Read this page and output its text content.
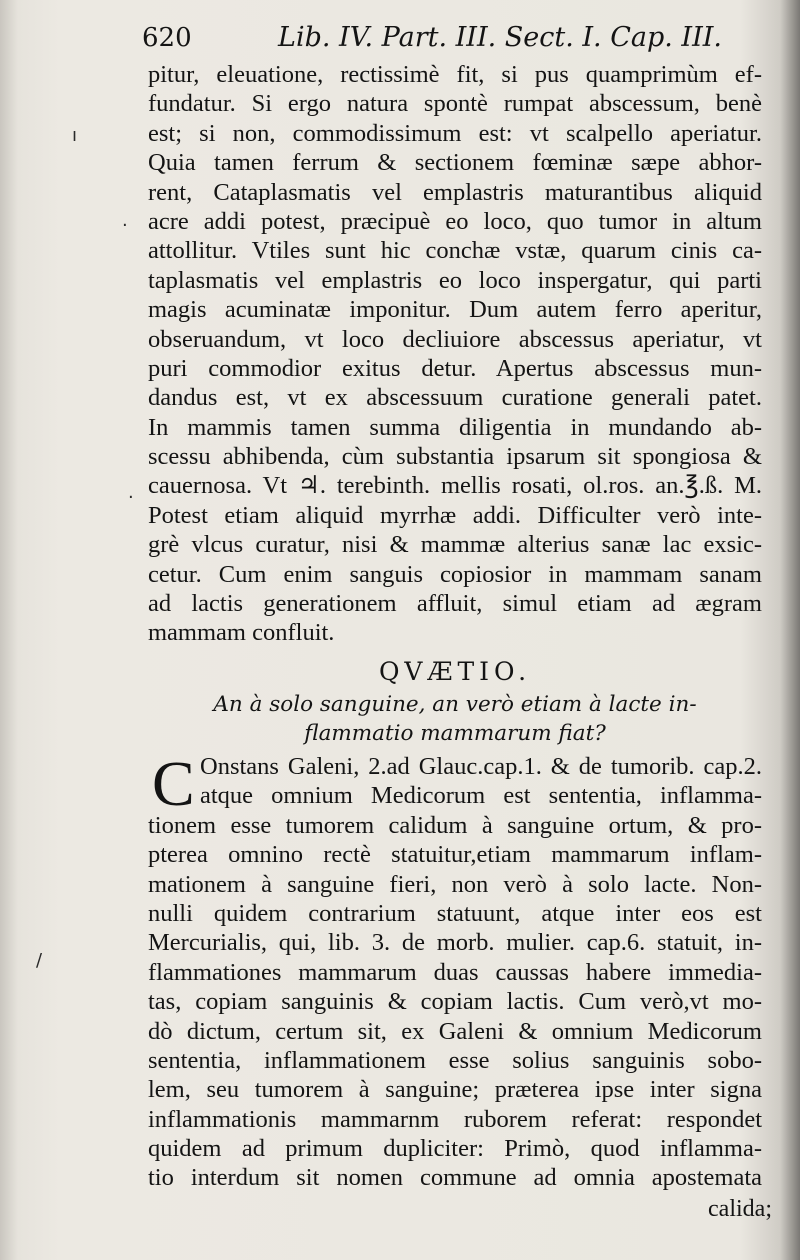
620	Lib. IV. Part. III. Sect. I. Cap. III.
pitur, eleuatione, rectissimè fit, si pus quamprimùm ef-
fundatur. Si ergo natura spontè rumpat abscessum, benè
est; si non, commodissimum est: vt scalpello aperiatur.
Quia tamen ferrum & sectionem fœminæ sæpe abhor-
rent, Cataplasmatis vel emplastris maturantibus aliquid
acre addi potest, præcipuè eo loco, quo tumor in altum
attollitur. Vtiles sunt hic conchæ vstæ, quarum cinis ca-
taplasmatis vel emplastris eo loco inspergatur, qui parti
magis acuminatæ imponitur. Dum autem ferro aperitur,
obseruandum, vt loco decliuiore abscessus aperiatur, vt
puri commodior exitus detur. Apertus abscessus mun-
dandus est, vt ex abscessuum curatione generali patet.
In mammis tamen summa diligentia in mundando ab-
scessu abhibenda, cùm substantia ipsarum sit spongiosa &
cauernosa. Vt ♃. terebinth. mellis rosati, ol.ros. an.℥.ß. M.
Potest etiam aliquid myrrhæ addi. Difficulter verò inte-
grè vlcus curatur, nisi & mammæ alterius sanæ lac exsic-
cetur. Cum enim sanguis copiosior in mammam sanam
ad lactis generationem affluit, simul etiam ad ægram
mammam confluit.
QVÆTIO.
An à solo sanguine, an verò etiam à lacte in-
flammatio mammarum fiat?
C Onstans Galeni, 2.ad Glauc.cap.1. & de tumorib. cap.2.
atque omnium Medicorum est sententia, inflamma-
tionem esse tumorem calidum à sanguine ortum, & pro-
pterea omnino rectè statuitur,etiam mammarum inflam-
mationem à sanguine fieri, non verò à solo lacte. Non-
nulli quidem contrarium statuunt, atque inter eos est
Mercurialis, qui, lib. 3. de morb. mulier. cap.6. statuit, in-
flammationes mammarum duas caussas habere immedia-
tas, copiam sanguinis & copiam lactis. Cum verò,vt mo-
dò dictum, certum sit, ex Galeni & omnium Medicorum
sententia, inflammationem esse solius sanguinis sobo-
lem, seu tumorem à sanguine; præterea ipse inter signa
inflammationis mammarnm ruborem referat: respondet
quidem ad primum dupliciter: Primò, quod inflamma-
tio interdum sit nomen commune ad omnia apostemata
calida;
ı
·
·
/
